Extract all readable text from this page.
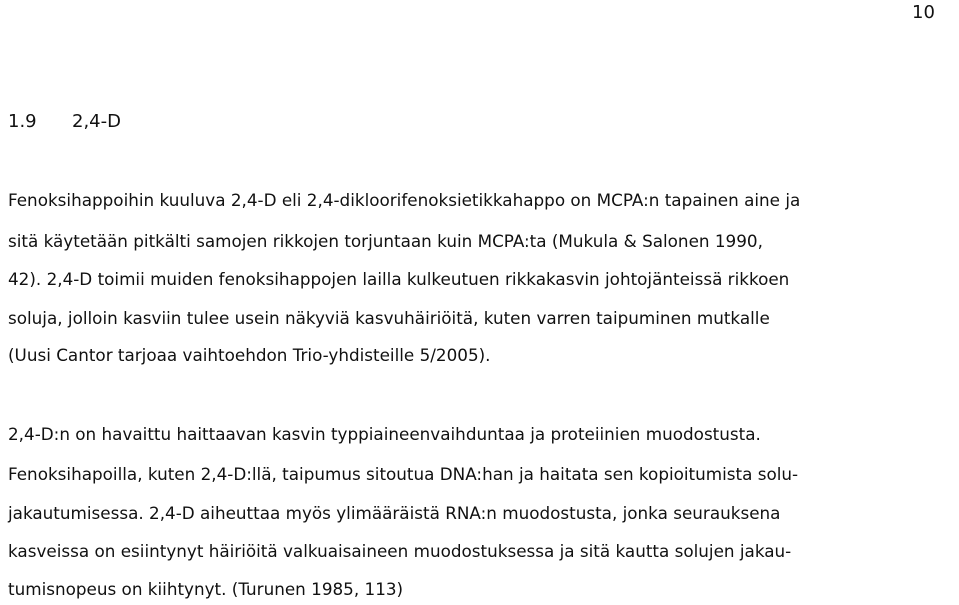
10
1.9 2,4-D
Fenoksihappoihin kuuluva 2,4-D eli 2,4-dikloorifenoksietikkahappo on MCPA:n tapainen aine ja
sitä käytetään pitkälti samojen rikkojen torjuntaan kuin MCPA:ta (Mukula & Salonen 1990,
42). 2,4-D toimii muiden fenoksihappojen lailla kulkeutuen rikkakasvin johtojänteissä rikkoen
soluja, jolloin kasviin tulee usein näkyviä kasvuhäiriöitä, kuten varren taipuminen mutkalle
(Uusi Cantor tarjoaa vaihtoehdon Trio-yhdisteille 5/2005).
2,4-D:n on havaittu haittaavan kasvin typpiaineenvaihduntaa ja proteiinien muodostusta.
Fenoksihapoilla, kuten 2,4-D:llä, taipumus sitoutua DNA:han ja haitata sen kopioitumista solu-
jakautumisessa. 2,4-D aiheuttaa myös ylimääräistä RNA:n muodostusta, jonka seurauksena
kasveissa on esiintynyt häiriöitä valkuaisaineen muodostuksessa ja sitä kautta solujen jakau-
tumisnopeus on kiihtynyt. (Turunen 1985, 113)
